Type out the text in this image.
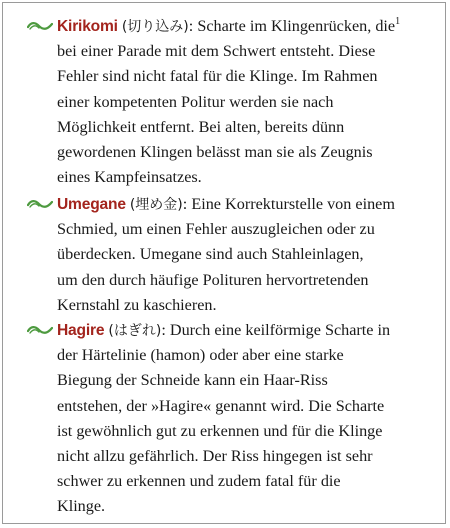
Kirikomi (切り込み): Scharte im Klingenrücken, die$^1$
bei einer Parade mit dem Schwert entsteht. Diese
Fehler sind nicht fatal für die Klinge. Im Rahmen
einer kompetenten Politur werden sie nach
Möglichkeit entfernt. Bei alten, bereits dünn
gewordenen Klingen belässt man sie als Zeugnis
eines Kampfeinsatzes.
Umegane (埋め金): Eine Korrekturstelle von einem
Schmied, um einen Fehler auszugleichen oder zu
überdecken. Umegane sind auch Stahleinlagen,
um den durch häufige Polituren hervortretenden
Kernstahl zu kaschieren.
Hagire (はぎれ): Durch eine keilförmige Scharte in
der Härtelinie (hamon) oder aber eine starke
Biegung der Schneide kann ein Haar-Riss
entstehen, der »Hagire« genannt wird. Die Scharte
ist gewöhnlich gut zu erkennen und für die Klinge
nicht allzu gefährlich. Der Riss hingegen ist sehr
schwer zu erkennen und zudem fatal für die
Klinge.
